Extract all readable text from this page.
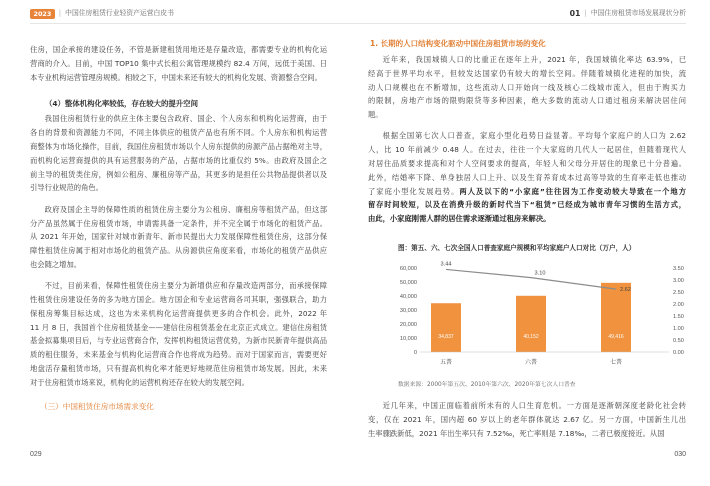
2023	| 中国住房租赁行业轻资产运营白皮书	01 | 中国住房租赁市场发展现状分析
住房，国企承接的建设任务，不管是新建租赁用地还是存量改造，都需要专业的机构化运
营商的介入。目前，中国 TOP10 集中式长租公寓管理规模约 82.4 万间，远低于美国、日
本专业机构运营管理房规模。相较之下，中国未来还有较大的机构化发展、资源整合空间。
（4）整体机构化率较低，存在较大的提升空间
我国住房租赁行业的供应主体主要包含政府、国企、个人房东和机构化运营商，由于
各自的背景和资源能力不同，不同主体供应的租赁产品也有所不同。个人房东和机构运营
商整体为市场化操作，目前，我国住房租赁市场以个人房东提供的房源产品占据绝对主导，
而机构化运营商提供的具有运营服务的产品，占据市场的比重仅约 5%。由政府及国企之
前主导的租赁类住房，例如公租房、廉租房等产品，其更多的是担任公共物品提供者以及
引导行业规范的角色。
政府及国企主导的保障性质的租赁住房主要分为公租房、廉租房等租赁产品，但这部
分产品虽然属于住房租赁市场，申请需具备一定条件，并不完全属于市场化的租赁产品。
从 2021 年开始，国家针对城市新青年、新市民提出大力发展保障性租赁住房，这部分保
障性租赁住房属于相对市场化的租赁产品。从房源供应角度来看，市场化的租赁产品供应
也会随之增加。
不过，目前来看，保障性租赁住房主要分为新增供应和存量改造两部分，而承接保障
性租赁住房建设任务的多为地方国企。地方国企和专业运营商各司其职，强强联合，助力
保租房筹集目标达成，这也为未来机构化运营商提供更多的合作机会。此外，2022 年
11 月 8 日，我国首个住房租赁基金——建信住房租赁基金在北京正式成立。建信住房租赁
基金拟募集项目后，与专业运营商合作，发挥机构租赁运营优势，为新市民新青年提供高品
质的租住服务，未来基金与机构化运营商合作也将成为趋势。而对于国家而言，需要更好
地盘活存量租赁市场，只有提高机构化率才能更好地规范住房租赁市场发展。因此，未来
对于住房租赁市场来说，机构化的运营机构还存在较大的发展空间。
（三）中国租赁住房市场需求变化
1. 长期的人口结构变化驱动中国住房租赁市场的变化
近年来，我国城镇人口的比重正在逐年上升，2021 年，我国城镇化率达 63.9%，已
经高于世界平均水平，但较发达国家仍有较大的增长空间。伴随着城镇化进程的加快，流
动人口规模也在不断增加，这些流动人口开始向一线及核心二线城市流入，但由于购买力
的限制，房地产市场的限购限贷等多种因素，绝大多数的流动人口通过租房来解决居住问
题。
根据全国第七次人口普查，家庭小型化趋势日益显著。平均每个家庭户的人口为 2.62
人，比 10 年前减少 0.48 人。在过去，往往一个大家庭的几代人一起居住，但随着现代人
对居住品质要求提高和对个人空间要求的提高，年轻人和父母分开居住的现象已十分普遍。
此外，结婚率下降、单身独居人口上升、以及生育养育成本过高等导致的生育率走低也推动
了家庭小型化发展趋势。两人及以下的“小家庭”往往因为工作变动较大导致在一个地方
留存时间较短，以及在消费升级的新时代当下“租赁”已经成为城市青年习惯的生活方式，
由此，小家庭刚需人群的居住需求逐渐通过租房来解决。
图：第五、六、七次全国人口普查家庭户规模和平均家庭户人口对比（万户，人）
0
10,000
20,000
30,000
40,000
50,000
60,000
0.00
0.50
1.00
1.50
2.00
2.50
3.00
3.50
34,837	40,152	49,416
3.44
3.10
2.62
五普	六普	七普
数据来源：2000年第五次、2010年第六次、2020年第七次人口普查
近几年来，中国正面临着前所未有的人口生育危机。一方面是逐渐朝深度老龄化社会转
变，仅在 2021 年，国内超 60 岁以上的老年群体就达 2.67 亿。另一方面，中国新生儿出
生率骤跌新低，2021 年出生率只有 7.52‰，死亡率则是 7.18‰，二者已极度接近。从国
029	030
